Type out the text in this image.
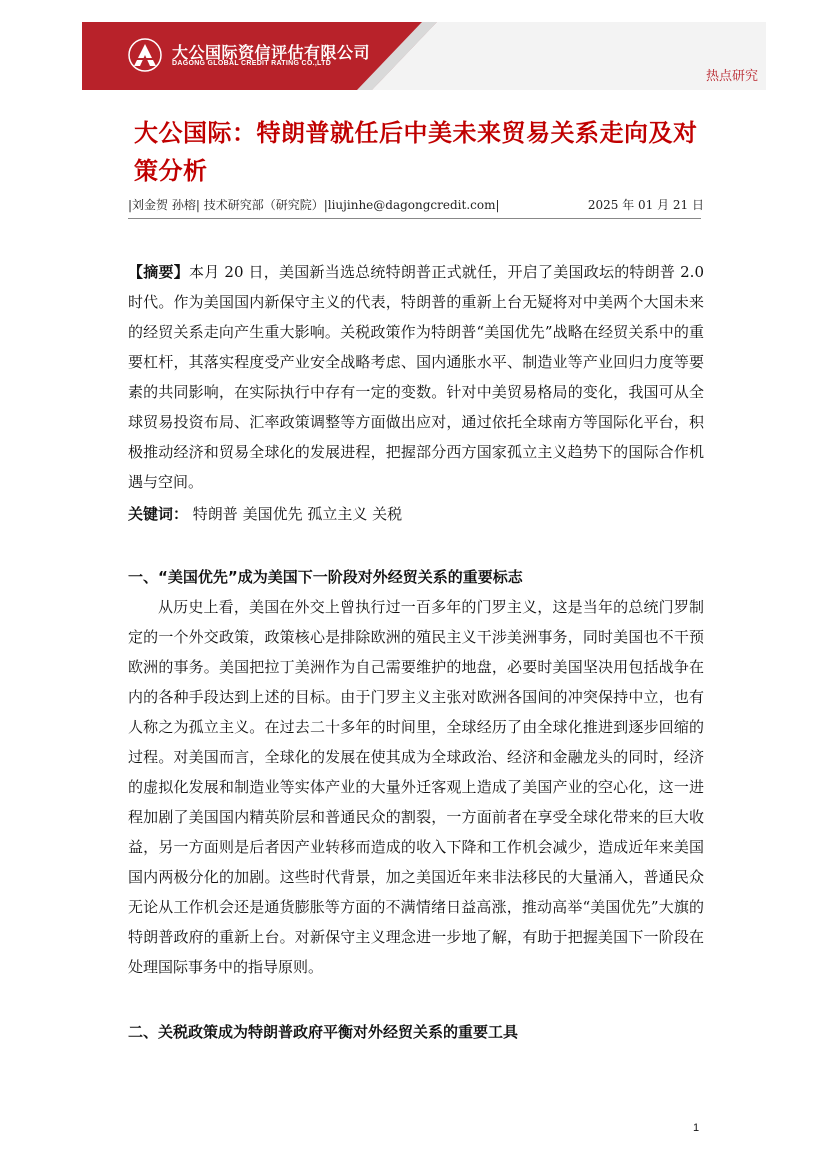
大公国际资信评估有限公司
DAGONG GLOBAL CREDIT RATING CO.,LTD
热点研究
大公国际：特朗普就任后中美未来贸易关系走向及对策分析
|刘金贺 孙榕| 技术研究部（研究院）|liujinhe@dagongcredit.com|	2025 年 01 月 21 日
【摘要】本月 20 日，美国新当选总统特朗普正式就任，开启了美国政坛的特朗普 2.0 时代。作为美国国内新保守主义的代表，特朗普的重新上台无疑将对中美两个大国未来的经贸关系走向产生重大影响。关税政策作为特朗普“美国优先”战略在经贸关系中的重要杠杆，其落实程度受产业安全战略考虑、国内通胀水平、制造业等产业回归力度等要素的共同影响，在实际执行中存有一定的变数。针对中美贸易格局的变化，我国可从全球贸易投资布局、汇率政策调整等方面做出应对，通过依托全球南方等国际化平台，积极推动经济和贸易全球化的发展进程，把握部分西方国家孤立主义趋势下的国际合作机遇与空间。
关键词： 特朗普 美国优先 孤立主义 关税
一、“美国优先”成为美国下一阶段对外经贸关系的重要标志
从历史上看，美国在外交上曾执行过一百多年的门罗主义，这是当年的总统门罗制定的一个外交政策，政策核心是排除欧洲的殖民主义干涉美洲事务，同时美国也不干预欧洲的事务。美国把拉丁美洲作为自己需要维护的地盘，必要时美国坚决用包括战争在内的各种手段达到上述的目标。由于门罗主义主张对欧洲各国间的冲突保持中立，也有人称之为孤立主义。在过去二十多年的时间里，全球经历了由全球化推进到逐步回缩的过程。对美国而言，全球化的发展在使其成为全球政治、经济和金融龙头的同时，经济的虚拟化发展和制造业等实体产业的大量外迁客观上造成了美国产业的空心化，这一进程加剧了美国国内精英阶层和普通民众的割裂，一方面前者在享受全球化带来的巨大收益，另一方面则是后者因产业转移而造成的收入下降和工作机会减少，造成近年来美国国内两极分化的加剧。这些时代背景，加之美国近年来非法移民的大量涌入，普通民众无论从工作机会还是通货膨胀等方面的不满情绪日益高涨，推动高举“美国优先”大旗的特朗普政府的重新上台。对新保守主义理念进一步地了解，有助于把握美国下一阶段在处理国际事务中的指导原则。
二、关税政策成为特朗普政府平衡对外经贸关系的重要工具
1
